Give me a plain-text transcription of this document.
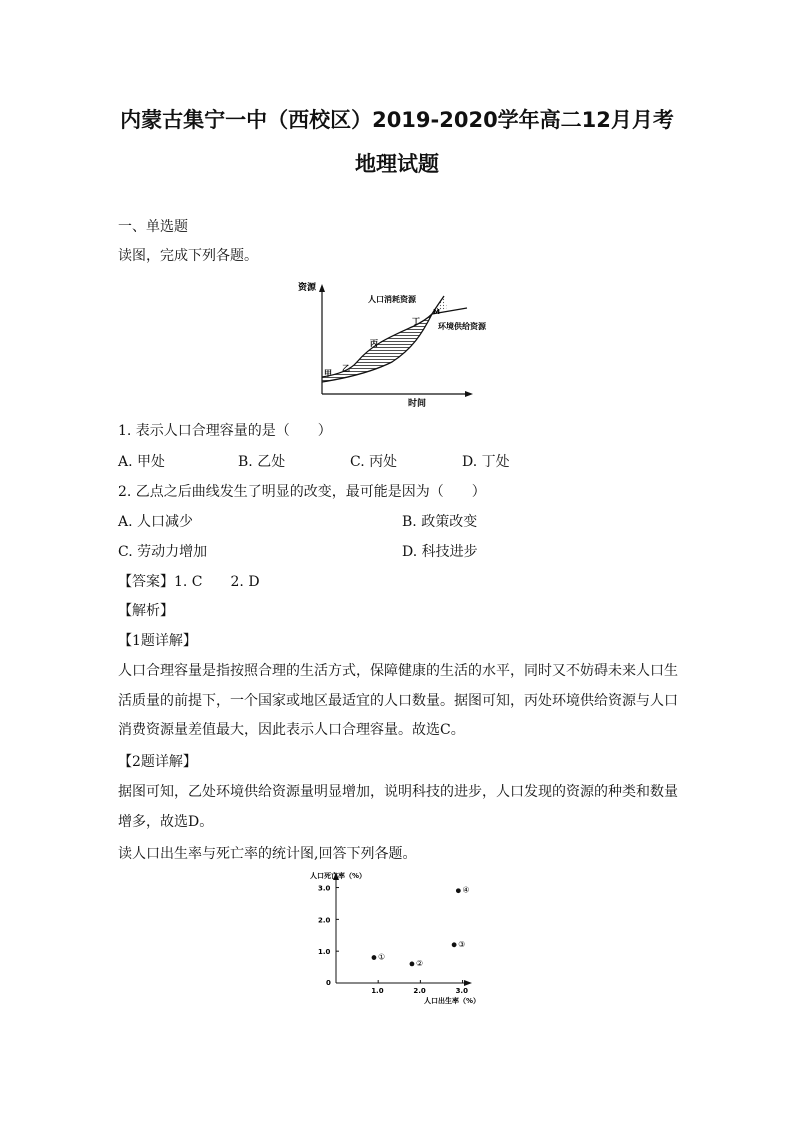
内蒙古集宁一中（西校区）2019-2020学年高二12月月考
地理试题
一、单选题
读图，完成下列各题。
资源
时间
人口消耗资源
M
环境供给资源
甲
乙
丙
丁
1. 表示人口合理容量的是（　　）
A. 甲处	B. 乙处	C. 丙处	D. 丁处
2. 乙点之后曲线发生了明显的改变，最可能是因为（　　）
A. 人口减少	B. 政策改变
C. 劳动力增加	D. 科技进步
【答案】1. C　　2. D
【解析】
【1题详解】
人口合理容量是指按照合理的生活方式，保障健康的生活的水平，同时又不妨碍未来人口生活质量的前提下，一个国家或地区最适宜的人口数量。据图可知，丙处环境供给资源与人口消费资源量差值最大，因此表示人口合理容量。故选C。
【2题详解】
据图可知，乙处环境供给资源量明显增加，说明科技的进步，人口发现的资源的种类和数量增多，故选D。
读人口出生率与死亡率的统计图,回答下列各题。
人口死亡率（%）
人口出生率（%）
0
1.0	2.0	3.0
1.0
2.0
3.0
①
②
③
④
